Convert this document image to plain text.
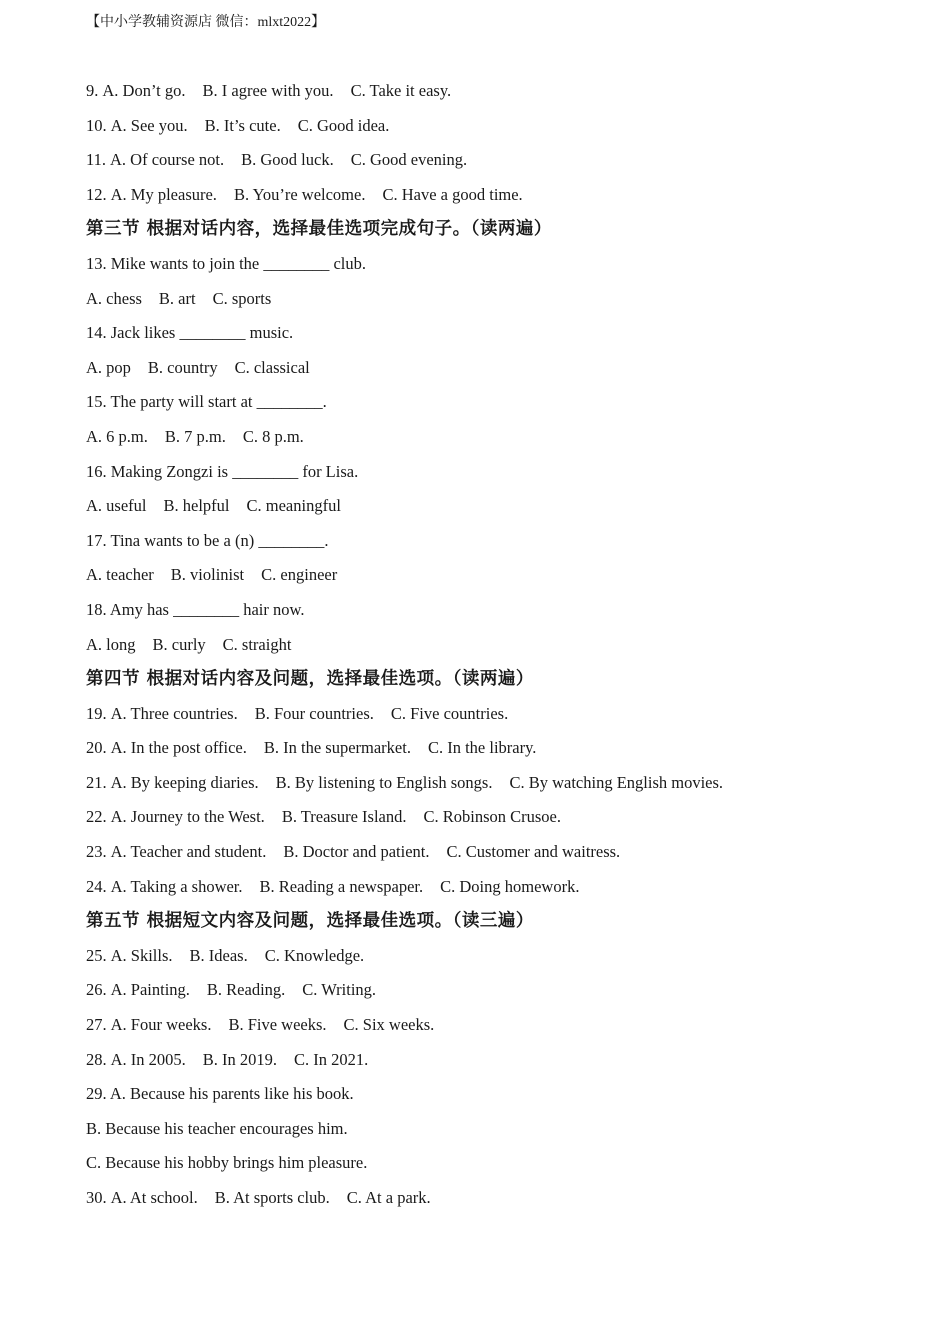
【中小学教辅资源店 微信：mlxt2022】
9. A. Don’t go. B. I agree with you. C. Take it easy.
10. A. See you. B. It’s cute. C. Good idea.
11. A. Of course not. B. Good luck. C. Good evening.
12. A. My pleasure. B. You’re welcome. C. Have a good time.
第三节 根据对话内容，选择最佳选项完成句子。（读两遍）
13. Mike wants to join the ________ club.
A. chess B. art C. sports
14. Jack likes ________ music.
A. pop B. country C. classical
15. The party will start at ________.
A. 6 p.m. B. 7 p.m. C. 8 p.m.
16. Making Zongzi is ________ for Lisa.
A. useful B. helpful C. meaningful
17. Tina wants to be a (n) ________.
A. teacher B. violinist C. engineer
18. Amy has ________ hair now.
A. long B. curly C. straight
第四节 根据对话内容及问题，选择最佳选项。（读两遍）
19. A. Three countries. B. Four countries. C. Five countries.
20. A. In the post office. B. In the supermarket. C. In the library.
21. A. By keeping diaries. B. By listening to English songs. C. By watching English movies.
22. A. Journey to the West. B. Treasure Island. C. Robinson Crusoe.
23. A. Teacher and student. B. Doctor and patient. C. Customer and waitress.
24. A. Taking a shower. B. Reading a newspaper. C. Doing homework.
第五节 根据短文内容及问题，选择最佳选项。（读三遍）
25. A. Skills. B. Ideas. C. Knowledge.
26. A. Painting. B. Reading. C. Writing.
27. A. Four weeks. B. Five weeks. C. Six weeks.
28. A. In 2005. B. In 2019. C. In 2021.
29. A. Because his parents like his book.
B. Because his teacher encourages him.
C. Because his hobby brings him pleasure.
30. A. At school. B. At sports club. C. At a park.
